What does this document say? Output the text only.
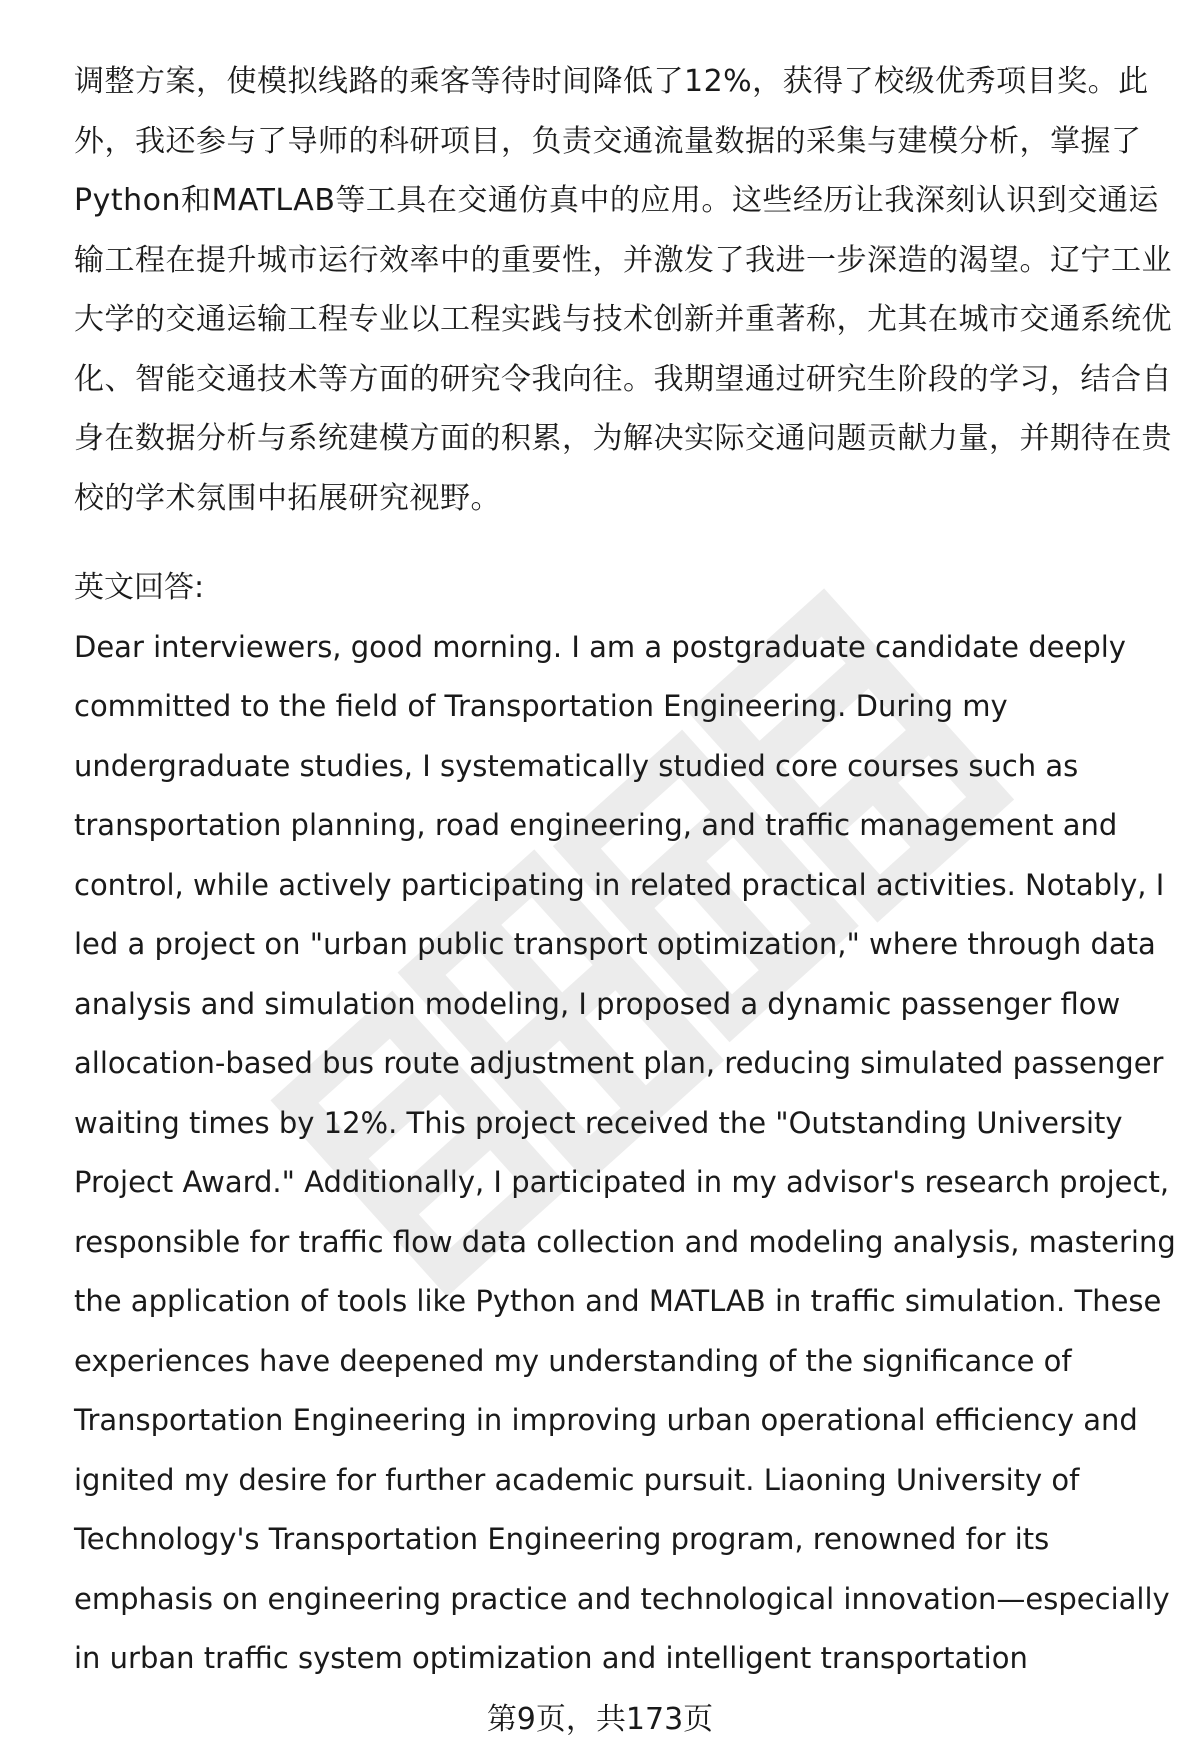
调整方案，使模拟线路的乘客等待时间降低了12%，获得了校级优秀项目奖。此
外，我还参与了导师的科研项目，负责交通流量数据的采集与建模分析，掌握了
Python和MATLAB等工具在交通仿真中的应用。这些经历让我深刻认识到交通运
输工程在提升城市运行效率中的重要性，并激发了我进一步深造的渴望。辽宁工业
大学的交通运输工程专业以工程实践与技术创新并重著称，尤其在城市交通系统优
化、智能交通技术等方面的研究令我向往。我期望通过研究生阶段的学习，结合自
身在数据分析与系统建模方面的积累，为解决实际交通问题贡献力量，并期待在贵
校的学术氛围中拓展研究视野。

英文回答:

Dear interviewers, good morning. I am a postgraduate candidate deeply
committed to the field of Transportation Engineering. During my
undergraduate studies, I systematically studied core courses such as
transportation planning, road engineering, and traffic management and
control, while actively participating in related practical activities. Notably, I
led a project on "urban public transport optimization," where through data
analysis and simulation modeling, I proposed a dynamic passenger flow
allocation-based bus route adjustment plan, reducing simulated passenger
waiting times by 12%. This project received the "Outstanding University
Project Award." Additionally, I participated in my advisor's research project,
responsible for traffic flow data collection and modeling analysis, mastering
the application of tools like Python and MATLAB in traffic simulation. These
experiences have deepened my understanding of the significance of
Transportation Engineering in improving urban operational efficiency and
ignited my desire for further academic pursuit. Liaoning University of
Technology's Transportation Engineering program, renowned for its
emphasis on engineering practice and technological innovation—especially
in urban traffic system optimization and intelligent transportation

第9页，共173页
